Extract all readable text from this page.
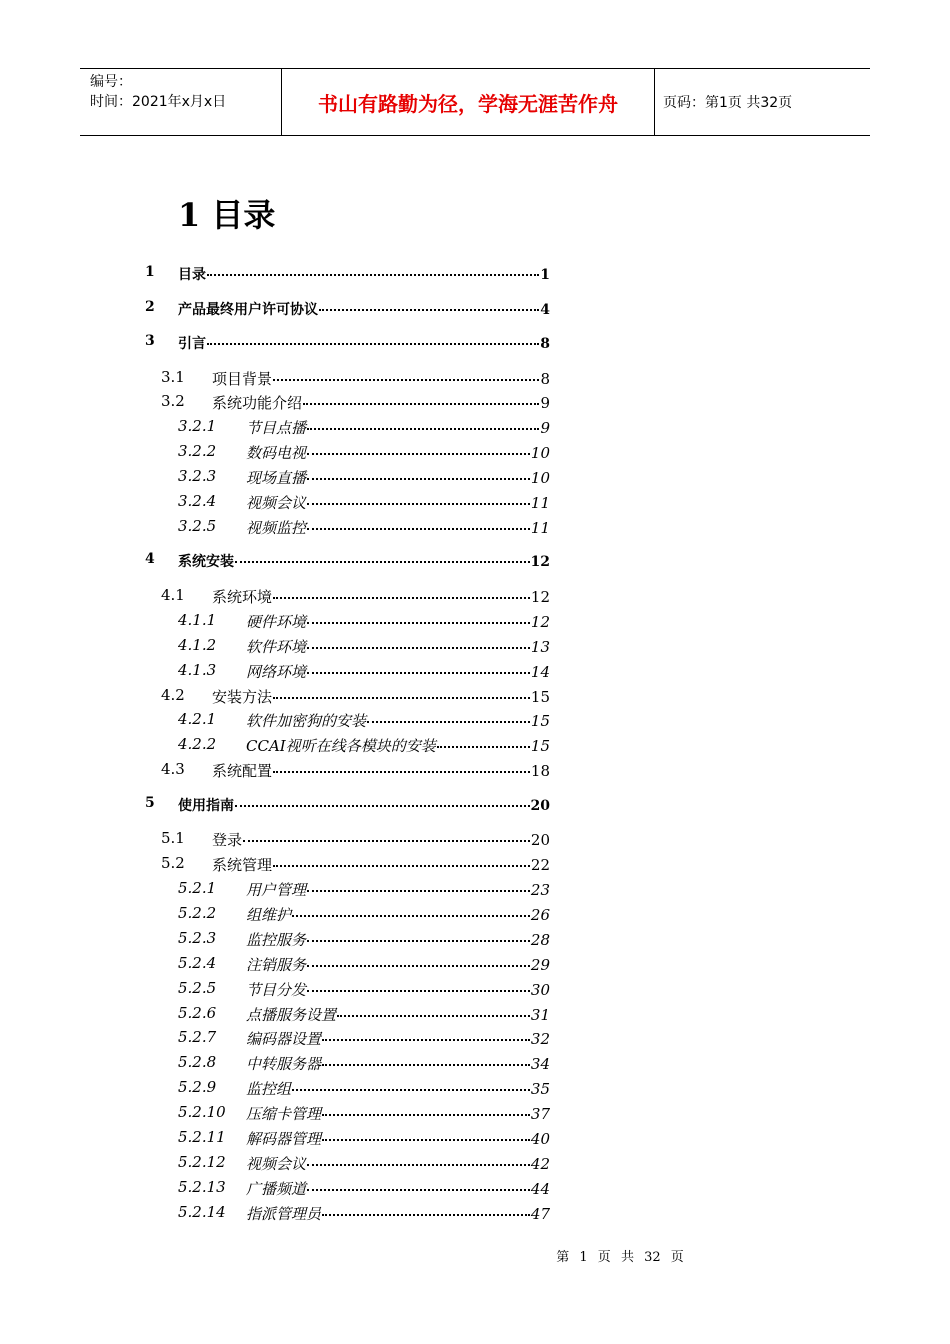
编号：
时间：2021年x月x日	书山有路勤为径，学海无涯苦作舟	页码：第1页 共32页
1 目录
1 目录	1
2 产品最终用户许可协议	4
3 引言	8
3.1 项目背景	8
3.2 系统功能介绍	9
3.2.1 节目点播	9
3.2.2 数码电视	10
3.2.3 现场直播	10
3.2.4 视频会议	11
3.2.5 视频监控	11
4 系统安装	12
4.1 系统环境	12
4.1.1 硬件环境	12
4.1.2 软件环境	13
4.1.3 网络环境	14
4.2 安装方法	15
4.2.1 软件加密狗的安装	15
4.2.2 CCAI视听在线各模块的安装	15
4.3 系统配置	18
5 使用指南	20
5.1 登录	20
5.2 系统管理	22
5.2.1 用户管理	23
5.2.2 组维护	26
5.2.3 监控服务	28
5.2.4 注销服务	29
5.2.5 节目分发	30
5.2.6 点播服务设置	31
5.2.7 编码器设置	32
5.2.8 中转服务器	34
5.2.9 监控组	35
5.2.10 压缩卡管理	37
5.2.11 解码器管理	40
5.2.12 视频会议	42
5.2.13 广播频道	44
5.2.14 指派管理员	47
第 1 页 共 32 页
